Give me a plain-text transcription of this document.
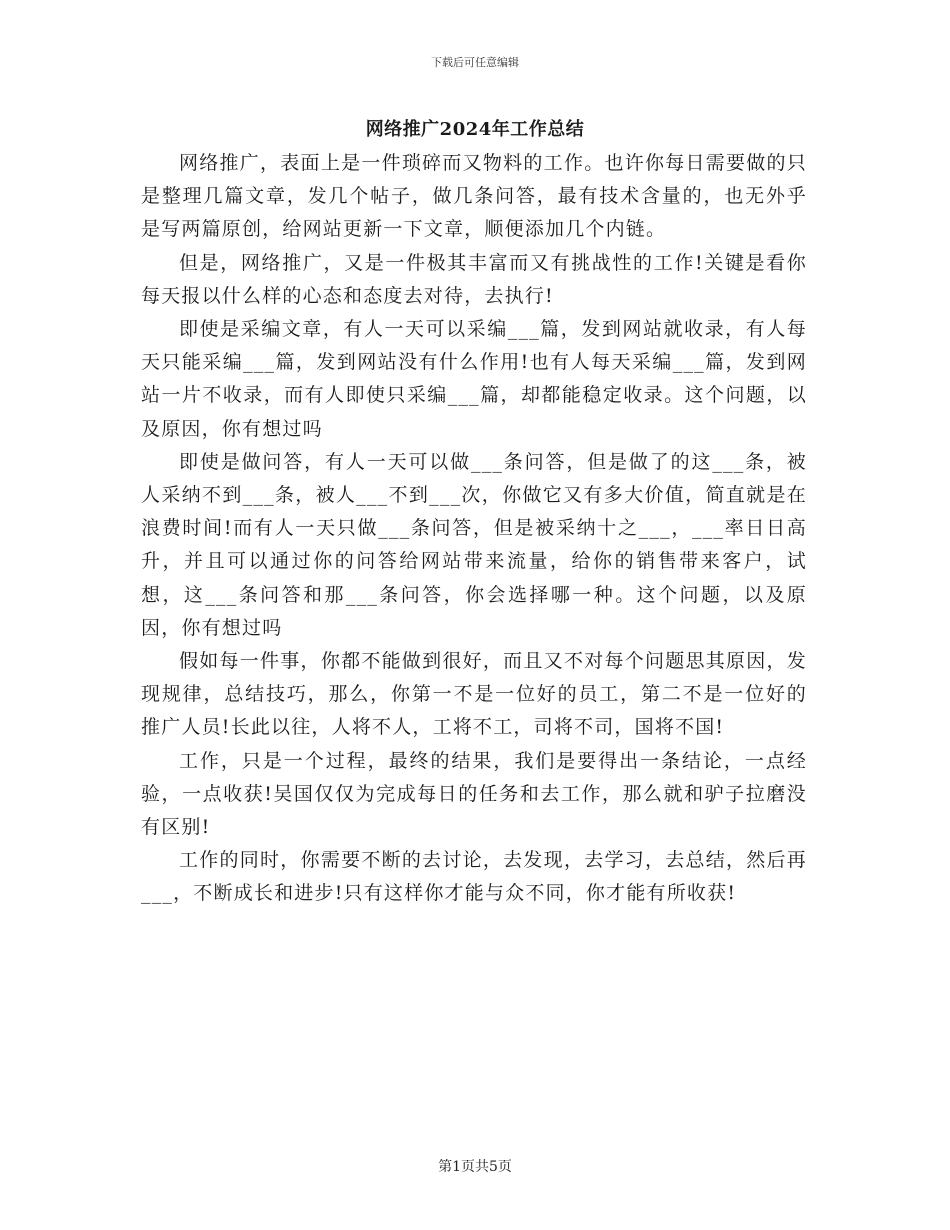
下载后可任意编辑
网络推广2024年工作总结

网络推广，表面上是一件琐碎而又物料的工作。也许你每日需要做的只是整理几篇文章，发几个帖子，做几条问答，最有技术含量的，也无外乎是写两篇原创，给网站更新一下文章，顺便添加几个内链。

但是，网络推广，又是一件极其丰富而又有挑战性的工作!关键是看你每天报以什么样的心态和态度去对待，去执行!

即使是采编文章，有人一天可以采编___篇，发到网站就收录，有人每天只能采编___篇，发到网站没有什么作用!也有人每天采编___篇，发到网站一片不收录，而有人即使只采编___篇，却都能稳定收录。这个问题，以及原因，你有想过吗

即使是做问答，有人一天可以做___条问答，但是做了的这___条，被人采纳不到___条，被人___不到___次，你做它又有多大价值，简直就是在浪费时间!而有人一天只做___条问答，但是被采纳十之___，___率日日高升，并且可以通过你的问答给网站带来流量，给你的销售带来客户，试想，这___条问答和那___条问答，你会选择哪一种。这个问题，以及原因，你有想过吗

假如每一件事，你都不能做到很好，而且又不对每个问题思其原因，发现规律，总结技巧，那么，你第一不是一位好的员工，第二不是一位好的推广人员!长此以往，人将不人，工将不工，司将不司，国将不国!

工作，只是一个过程，最终的结果，我们是要得出一条结论，一点经验，一点收获!吴国仅仅为完成每日的任务和去工作，那么就和驴子拉磨没有区别!

工作的同时，你需要不断的去讨论，去发现，去学习，去总结，然后再___，不断成长和进步!只有这样你才能与众不同，你才能有所收获!

第1页共5页
